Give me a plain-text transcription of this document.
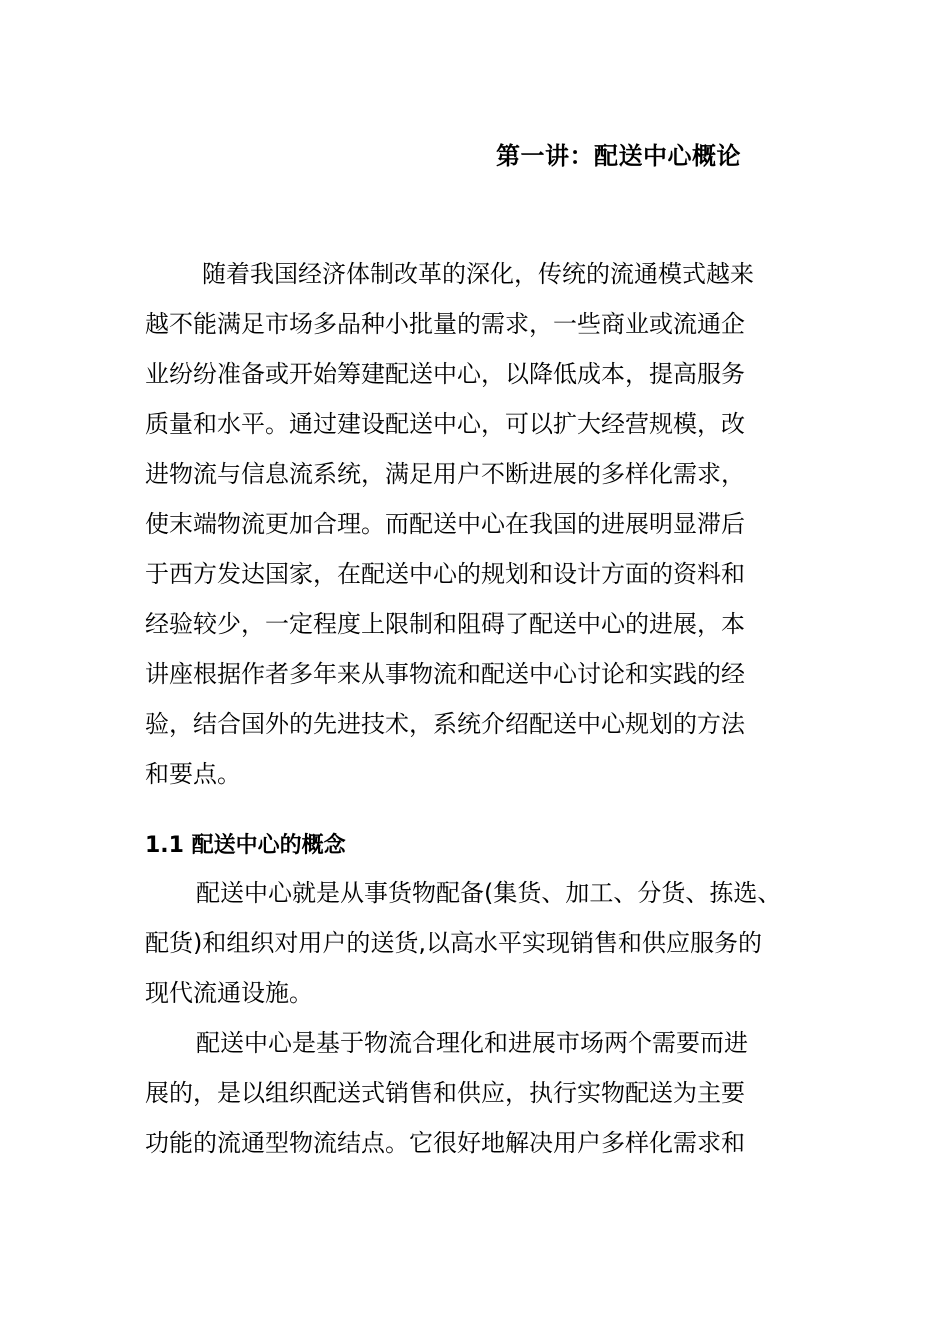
第一讲：配送中心概论
　随着我国经济体制改革的深化，传统的流通模式越来
越不能满足市场多品种小批量的需求，一些商业或流通企
业纷纷准备或开始筹建配送中心，以降低成本，提高服务
质量和水平。通过建设配送中心，可以扩大经营规模，改
进物流与信息流系统，满足用户不断进展的多样化需求，
使末端物流更加合理。而配送中心在我国的进展明显滞后
于西方发达国家，在配送中心的规划和设计方面的资料和
经验较少，一定程度上限制和阻碍了配送中心的进展，本
讲座根据作者多年来从事物流和配送中心讨论和实践的经
验，结合国外的先进技术，系统介绍配送中心规划的方法
和要点。
1.1 配送中心的概念
配送中心就是从事货物配备(集货、加工、分货、拣选、
配货)和组织对用户的送货,以高水平实现销售和供应服务的
现代流通设施。
配送中心是基于物流合理化和进展市场两个需要而进
展的，是以组织配送式销售和供应，执行实物配送为主要
功能的流通型物流结点。它很好地解决用户多样化需求和
